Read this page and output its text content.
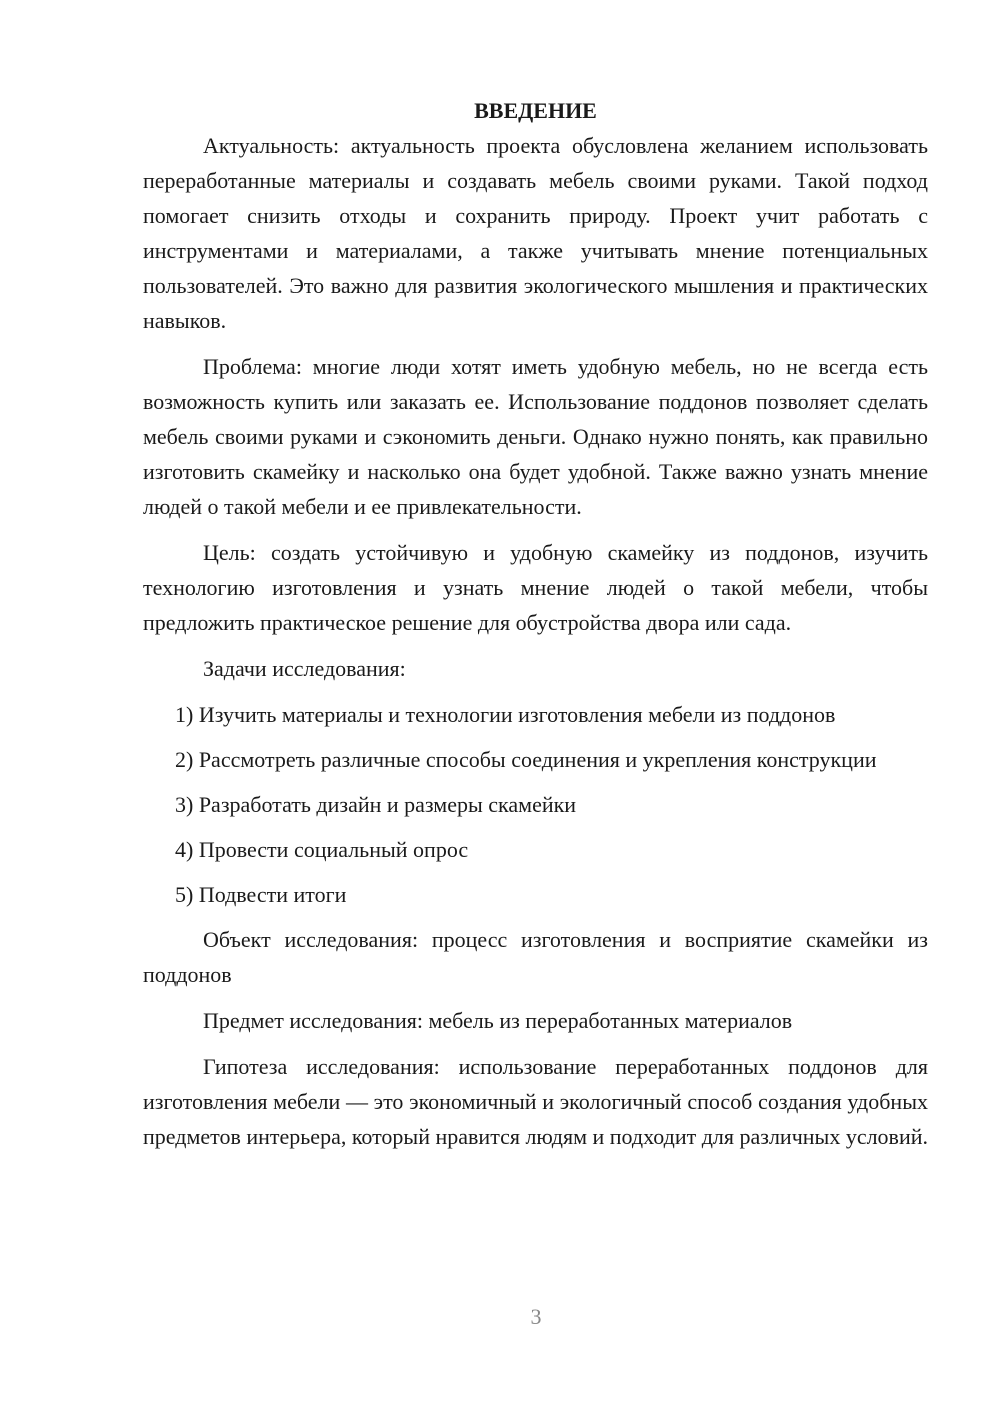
ВВЕДЕНИЕ

Актуальность: актуальность проекта обусловлена желанием использовать переработанные материалы и создавать мебель своими руками. Такой подход помогает снизить отходы и сохранить природу. Проект учит работать с инструментами и материалами, а также учитывать мнение потенциальных пользователей. Это важно для развития экологического мышления и практических навыков.

Проблема: многие люди хотят иметь удобную мебель, но не всегда есть возможность купить или заказать ее. Использование поддонов позволяет сделать мебель своими руками и сэкономить деньги. Однако нужно понять, как правильно изготовить скамейку и насколько она будет удобной. Также важно узнать мнение людей о такой мебели и ее привлекательности.

Цель: создать устойчивую и удобную скамейку из поддонов, изучить технологию изготовления и узнать мнение людей о такой мебели, чтобы предложить практическое решение для обустройства двора или сада.

Задачи исследования:

1) Изучить материалы и технологии изготовления мебели из поддонов

2) Рассмотреть различные способы соединения и укрепления конструкции

3) Разработать дизайн и размеры скамейки

4) Провести социальный опрос

5) Подвести итоги

Объект исследования: процесс изготовления и восприятие скамейки из поддонов

Предмет исследования: мебель из переработанных материалов

Гипотеза исследования: использование переработанных поддонов для изготовления мебели — это экономичный и экологичный способ создания удобных предметов интерьера, который нравится людям и подходит для различных условий.

3
